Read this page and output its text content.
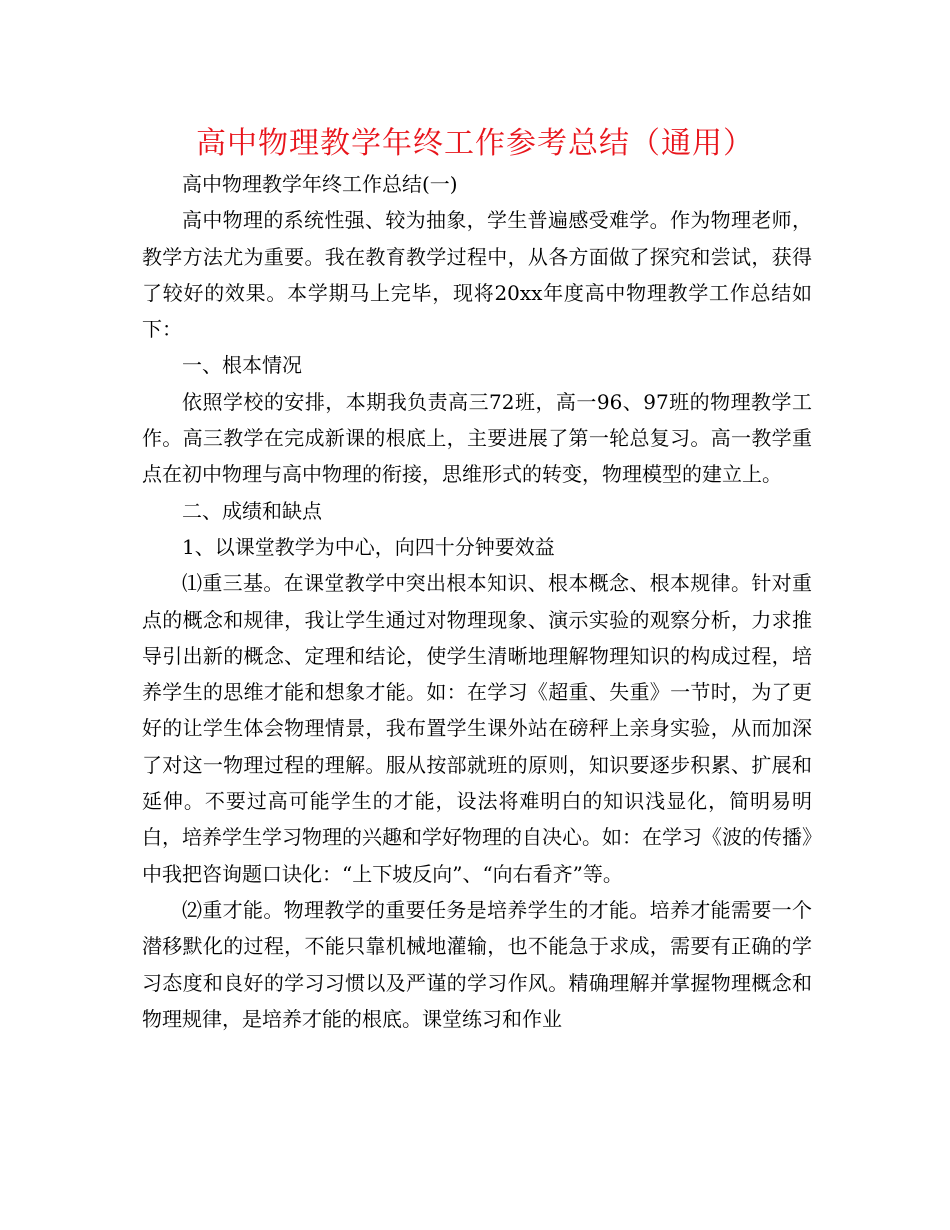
高中物理教学年终工作参考总结（通用）

高中物理教学年终工作总结(一)

高中物理的系统性强、较为抽象，学生普遍感受难学。作为物理老师，教学方法尤为重要。我在教育教学过程中，从各方面做了探究和尝试，获得了较好的效果。本学期马上完毕，现将20xx年度高中物理教学工作总结如下：

一、根本情况

依照学校的安排，本期我负责高三72班，高一96、97班的物理教学工作。高三教学在完成新课的根底上，主要进展了第一轮总复习。高一教学重点在初中物理与高中物理的衔接，思维形式的转变，物理模型的建立上。

二、成绩和缺点

1、以课堂教学为中心，向四十分钟要效益

⑴重三基。在课堂教学中突出根本知识、根本概念、根本规律。针对重点的概念和规律，我让学生通过对物理现象、演示实验的观察分析，力求推导引出新的概念、定理和结论，使学生清晰地理解物理知识的构成过程，培养学生的思维才能和想象才能。如：在学习《超重、失重》一节时，为了更好的让学生体会物理情景，我布置学生课外站在磅秤上亲身实验，从而加深了对这一物理过程的理解。服从按部就班的原则，知识要逐步积累、扩展和延伸。不要过高可能学生的才能，设法将难明白的知识浅显化，简明易明白，培养学生学习物理的兴趣和学好物理的自决心。如：在学习《波的传播》中我把咨询题口诀化：“上下坡反向”、“向右看齐”等。

⑵重才能。物理教学的重要任务是培养学生的才能。培养才能需要一个潜移默化的过程，不能只靠机械地灌输，也不能急于求成，需要有正确的学习态度和良好的学习习惯以及严谨的学习作风。精确理解并掌握物理概念和物理规律，是培养才能的根底。课堂练习和作业
